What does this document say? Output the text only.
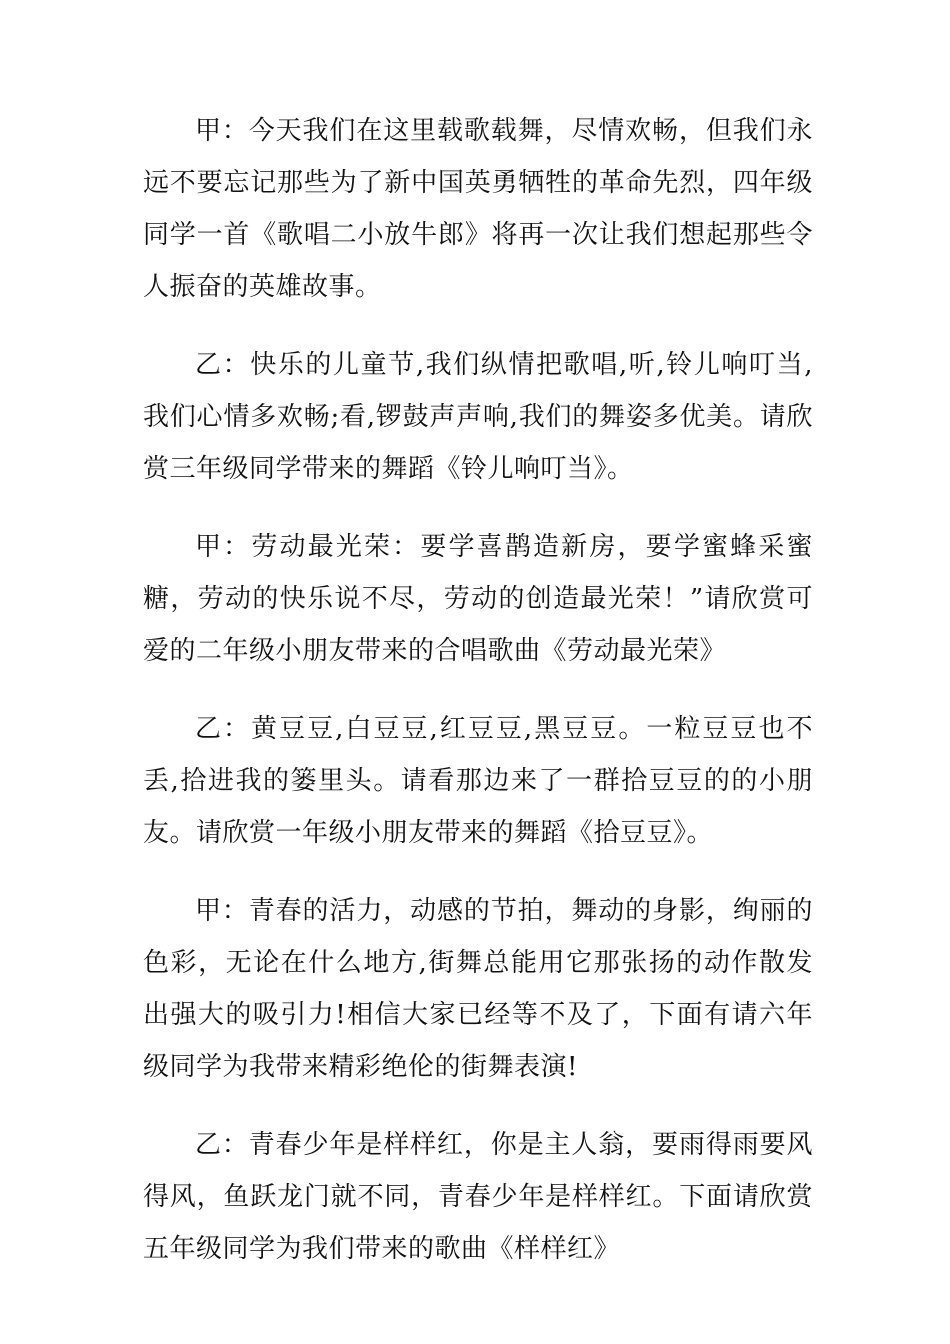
甲：今天我们在这里载歌载舞，尽情欢畅，但我们永远不要忘记那些为了新中国英勇牺牲的革命先烈，四年级同学一首《歌唱二小放牛郎》将再一次让我们想起那些令人振奋的英雄故事。

乙：快乐的儿童节,我们纵情把歌唱,听,铃儿响叮当,我们心情多欢畅;看,锣鼓声声响,我们的舞姿多优美。请欣赏三年级同学带来的舞蹈《铃儿响叮当》。

甲：劳动最光荣：要学喜鹊造新房，要学蜜蜂采蜜糖，劳动的快乐说不尽，劳动的创造最光荣！”请欣赏可爱的二年级小朋友带来的合唱歌曲《劳动最光荣》

乙：黄豆豆,白豆豆,红豆豆,黑豆豆。一粒豆豆也不丢,拾进我的篓里头。请看那边来了一群拾豆豆的的小朋友。请欣赏一年级小朋友带来的舞蹈《拾豆豆》。

甲：青春的活力，动感的节拍，舞动的身影，绚丽的色彩，无论在什么地方,街舞总能用它那张扬的动作散发出强大的吸引力!相信大家已经等不及了，下面有请六年级同学为我带来精彩绝伦的街舞表演!

乙：青春少年是样样红，你是主人翁，要雨得雨要风得风，鱼跃龙门就不同，青春少年是样样红。下面请欣赏五年级同学为我们带来的歌曲《样样红》
